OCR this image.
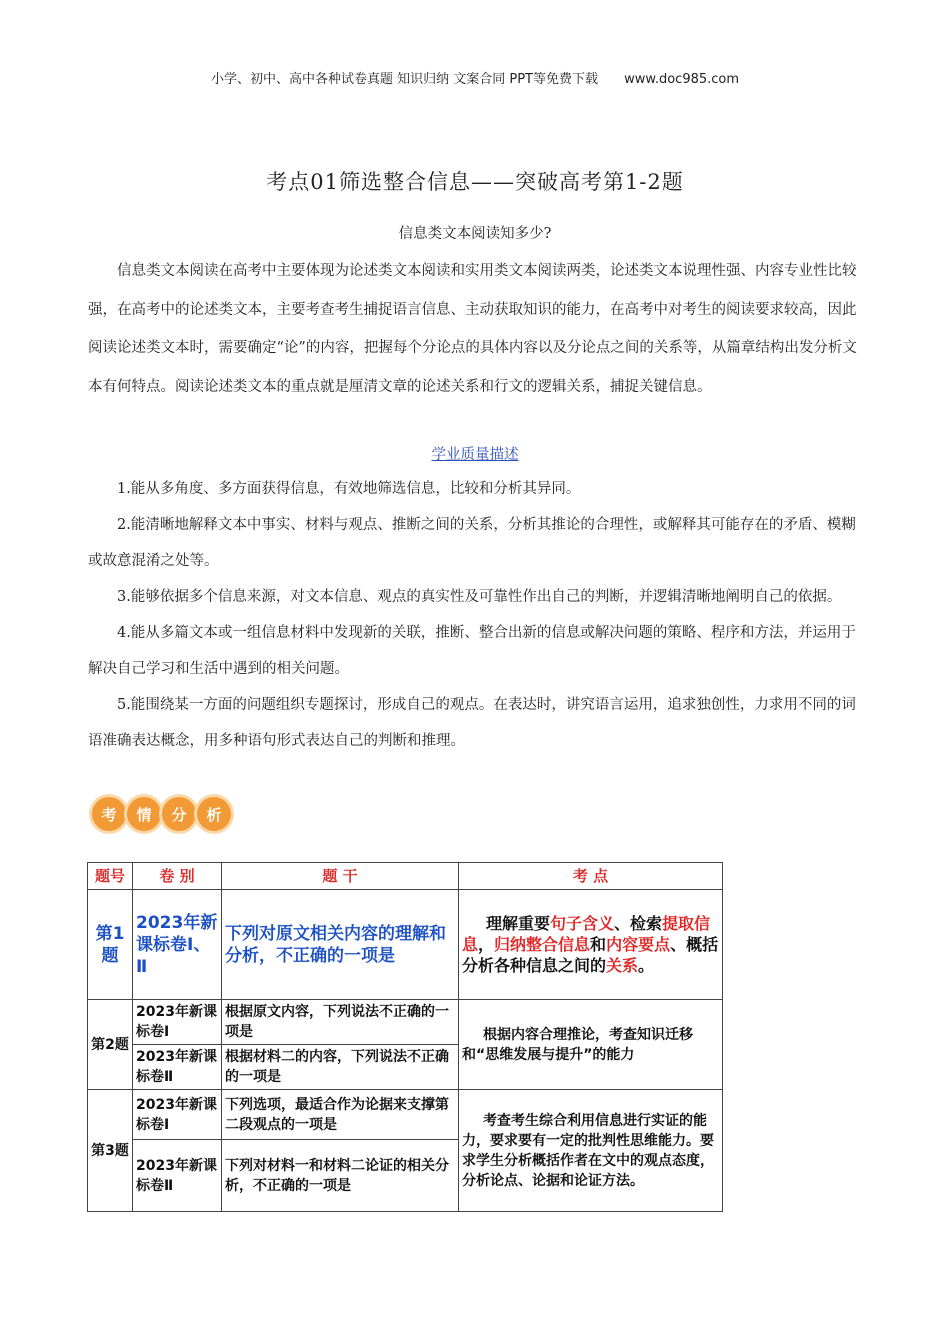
小学、初中、高中各种试卷真题 知识归纳 文案合同 PPT等免费下载 www.doc985.com
考点01筛选整合信息——突破高考第1-2题
信息类文本阅读知多少?

信息类文本阅读在高考中主要体现为论述类文本阅读和实用类文本阅读两类，论述类文本说理性强、内容专业性比较强，在高考中的论述类文本，主要考查考生捕捉语言信息、主动获取知识的能力，在高考中对考生的阅读要求较高，因此阅读论述类文本时，需要确定“论”的内容，把握每个分论点的具体内容以及分论点之间的关系等，从篇章结构出发分析文本有何特点。阅读论述类文本的重点就是厘清文章的论述关系和行文的逻辑关系，捕捉关键信息。

学业质量描述

1.能从多角度、多方面获得信息，有效地筛选信息，比较和分析其异同。

2.能清晰地解释文本中事实、材料与观点、推断之间的关系，分析其推论的合理性，或解释其可能存在的矛盾、模糊或故意混淆之处等。

3.能够依据多个信息来源，对文本信息、观点的真实性及可靠性作出自己的判断，并逻辑清晰地阐明自己的依据。

4.能从多篇文本或一组信息材料中发现新的关联，推断、整合出新的信息或解决问题的策略、程序和方法，并运用于解决自己学习和生活中遇到的相关问题。

5.能围绕某一方面的问题组织专题探讨，形成自己的观点。在表达时，讲究语言运用，追求独创性，力求用不同的词语准确表达概念，用多种语句形式表达自己的判断和推理。

考	情	分	析
题号	卷 别	题 干	考 点
第1题	2023年新课标卷Ⅰ、Ⅱ	下列对原文相关内容的理解和分析，不正确的一项是	理解重要句子含义、检索提取信息，归纳整合信息和内容要点、概括分析各种信息之间的关系。
第2题	2023年新课标卷Ⅰ	根据原文内容，下列说法不正确的一项是	根据内容合理推论，考查知识迁移和“思维发展与提升”的能力
	2023年新课标卷Ⅱ	根据材料二的内容，下列说法不正确的一项是	
第3题	2023年新课标卷Ⅰ	下列选项，最适合作为论据来支撑第二段观点的一项是	考查考生综合利用信息进行实证的能力，要求要有一定的批判性思维能力。要求学生分析概括作者在文中的观点态度，分析论点、论据和论证方法。
	2023年新课标卷Ⅱ	下列对材料一和材料二论证的相关分析，不正确的一项是	
